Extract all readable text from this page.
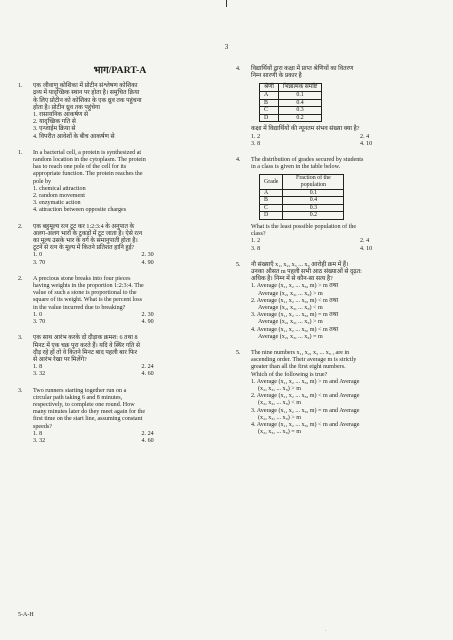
3
भाग/PART-A
1.	एक जीवाणु कोशिका में प्रोटीन संश्लेषण कोशिका
द्रव्य में यादृच्छिक स्थान पर होता है। समुचित क्रिया
के लिए प्रोटीन को कोशिका के एक ध्रुव तक पहुंचना
होता है। प्रोटीन ध्रुव तक पहुंचेगा
1. रासायनिक आकर्षण से
2. यादृच्छिक गति से
3. एन्जाईम क्रिया से
4. विपरीत आवेशों के बीच आकर्षण से
1.	In a bacterial cell, a protein is synthesized at
random location in the cytoplasm. The protein
has to reach one pole of the cell for its
appropriate function. The protein reaches the
pole by
1. chemical attraction
2. random movement
3. enzymatic action
4. attraction between opposite charges
2.	एक बहुमूल्य रत्न टूट कर 1:2:3:4 के अनुपात के
अलग-अलग भारों के टुकड़ों में टूट जाता है। ऐसे रत्न
का मूल्य उसके भार के वर्ग के समानुपाती होता है।
टूटने से रत्न के मूल्य में कितने प्रतिशत हानि हुई?
1. 0	2. 30
3. 70	4. 90
2.	A precious stone breaks into four pieces
having weights in the proportion 1:2:3:4. The
value of such a stone is proportional to the
square of its weight. What is the percent loss
in the value incurred due to breaking?
1. 0	2. 30
3. 70	4. 90
3.	एक साथ आरंभ करके दो दौड़ाक क्रमश: 6 तथा 8
मिनट में एक चक्र पूरा करते हैं। यदि वे स्थिर गति से
दौड़ रहे हों तो वे कितने मिनट बाद पहली बार फिर
से आरंभ रेखा पर मिलेंगे?
1. 8	2. 24
3. 32	4. 60
3.	Two runners starting together run on a
circular path taking 6 and 8 minutes,
respectively, to complete one round. How
many minutes later do they meet again for the
first time on the start line, assuming constant
speeds?
1. 8	2. 24
3. 32	4. 60
4.	विद्यार्थियों द्वारा कक्षा में प्राप्त श्रेणियों का वितरण
निम्न सारणी के प्रकार है
श्रेणी	भिन्नात्मक समष्टि
A	0.1
B	0.4
C	0.3
D	0.2
कक्षा में विद्यार्थियों की न्यूनतम संभव संख्या क्या है?
1. 2	2. 4
3. 8	4. 10
4.	The distribution of grades secured by students
in a class is given in the table below.
Grade	Fraction of the population
A	0.1
B	0.4
C	0.3
D	0.2
What is the least possible population of the
class?
1. 2	2. 4
3. 8	4. 10
5.	नौ संख्याएँ x₁, x₂, x₃ ... x₉ आरोही क्रम में हैं।
उनका औसत m पहली सभी आठ संख्याओं से दृढ़त:
अधिक है। निम्न में से कौन-सा सत्य है?
1. Average (x₁, x₂ ... x₉, m) > m तथा
Average (x₂, x₃, ... x₉) > m
2. Average (x₁, x₂ ... x₉, m) < m तथा
Average (x₂, x₃, ... x₉) < m
3. Average (x₁, x₂ ... x₉, m) = m तथा
Average (x₂, x₃, ... x₉) > m
4. Average (x₁, x₂ ... x₉, m) < m तथा
Average (x₂, x₃, ... x₉) = m
5.	The nine numbers x₁, x₂, x₃ ... x₉ , are in
ascending order. Their average m is strictly
greater than all the first eight numbers.
Which of the following is true?
1. Average (x₁, x₂ ... x₉, m) > m and Average
(x₂, x₃, ... x₉) > m
2. Average (x₁, x₂ ... x₉, m) < m and Average
(x₂, x₃, ... x₉) < m
3. Average (x₁, x₂ ... x₉, m) = m and Average
(x₂, x₃, ... x₉) > m
4. Average (x₁, x₂ ... x₉, m) < m and Average
(x₂, x₃, ... x₉) = m
5-A-H
·
